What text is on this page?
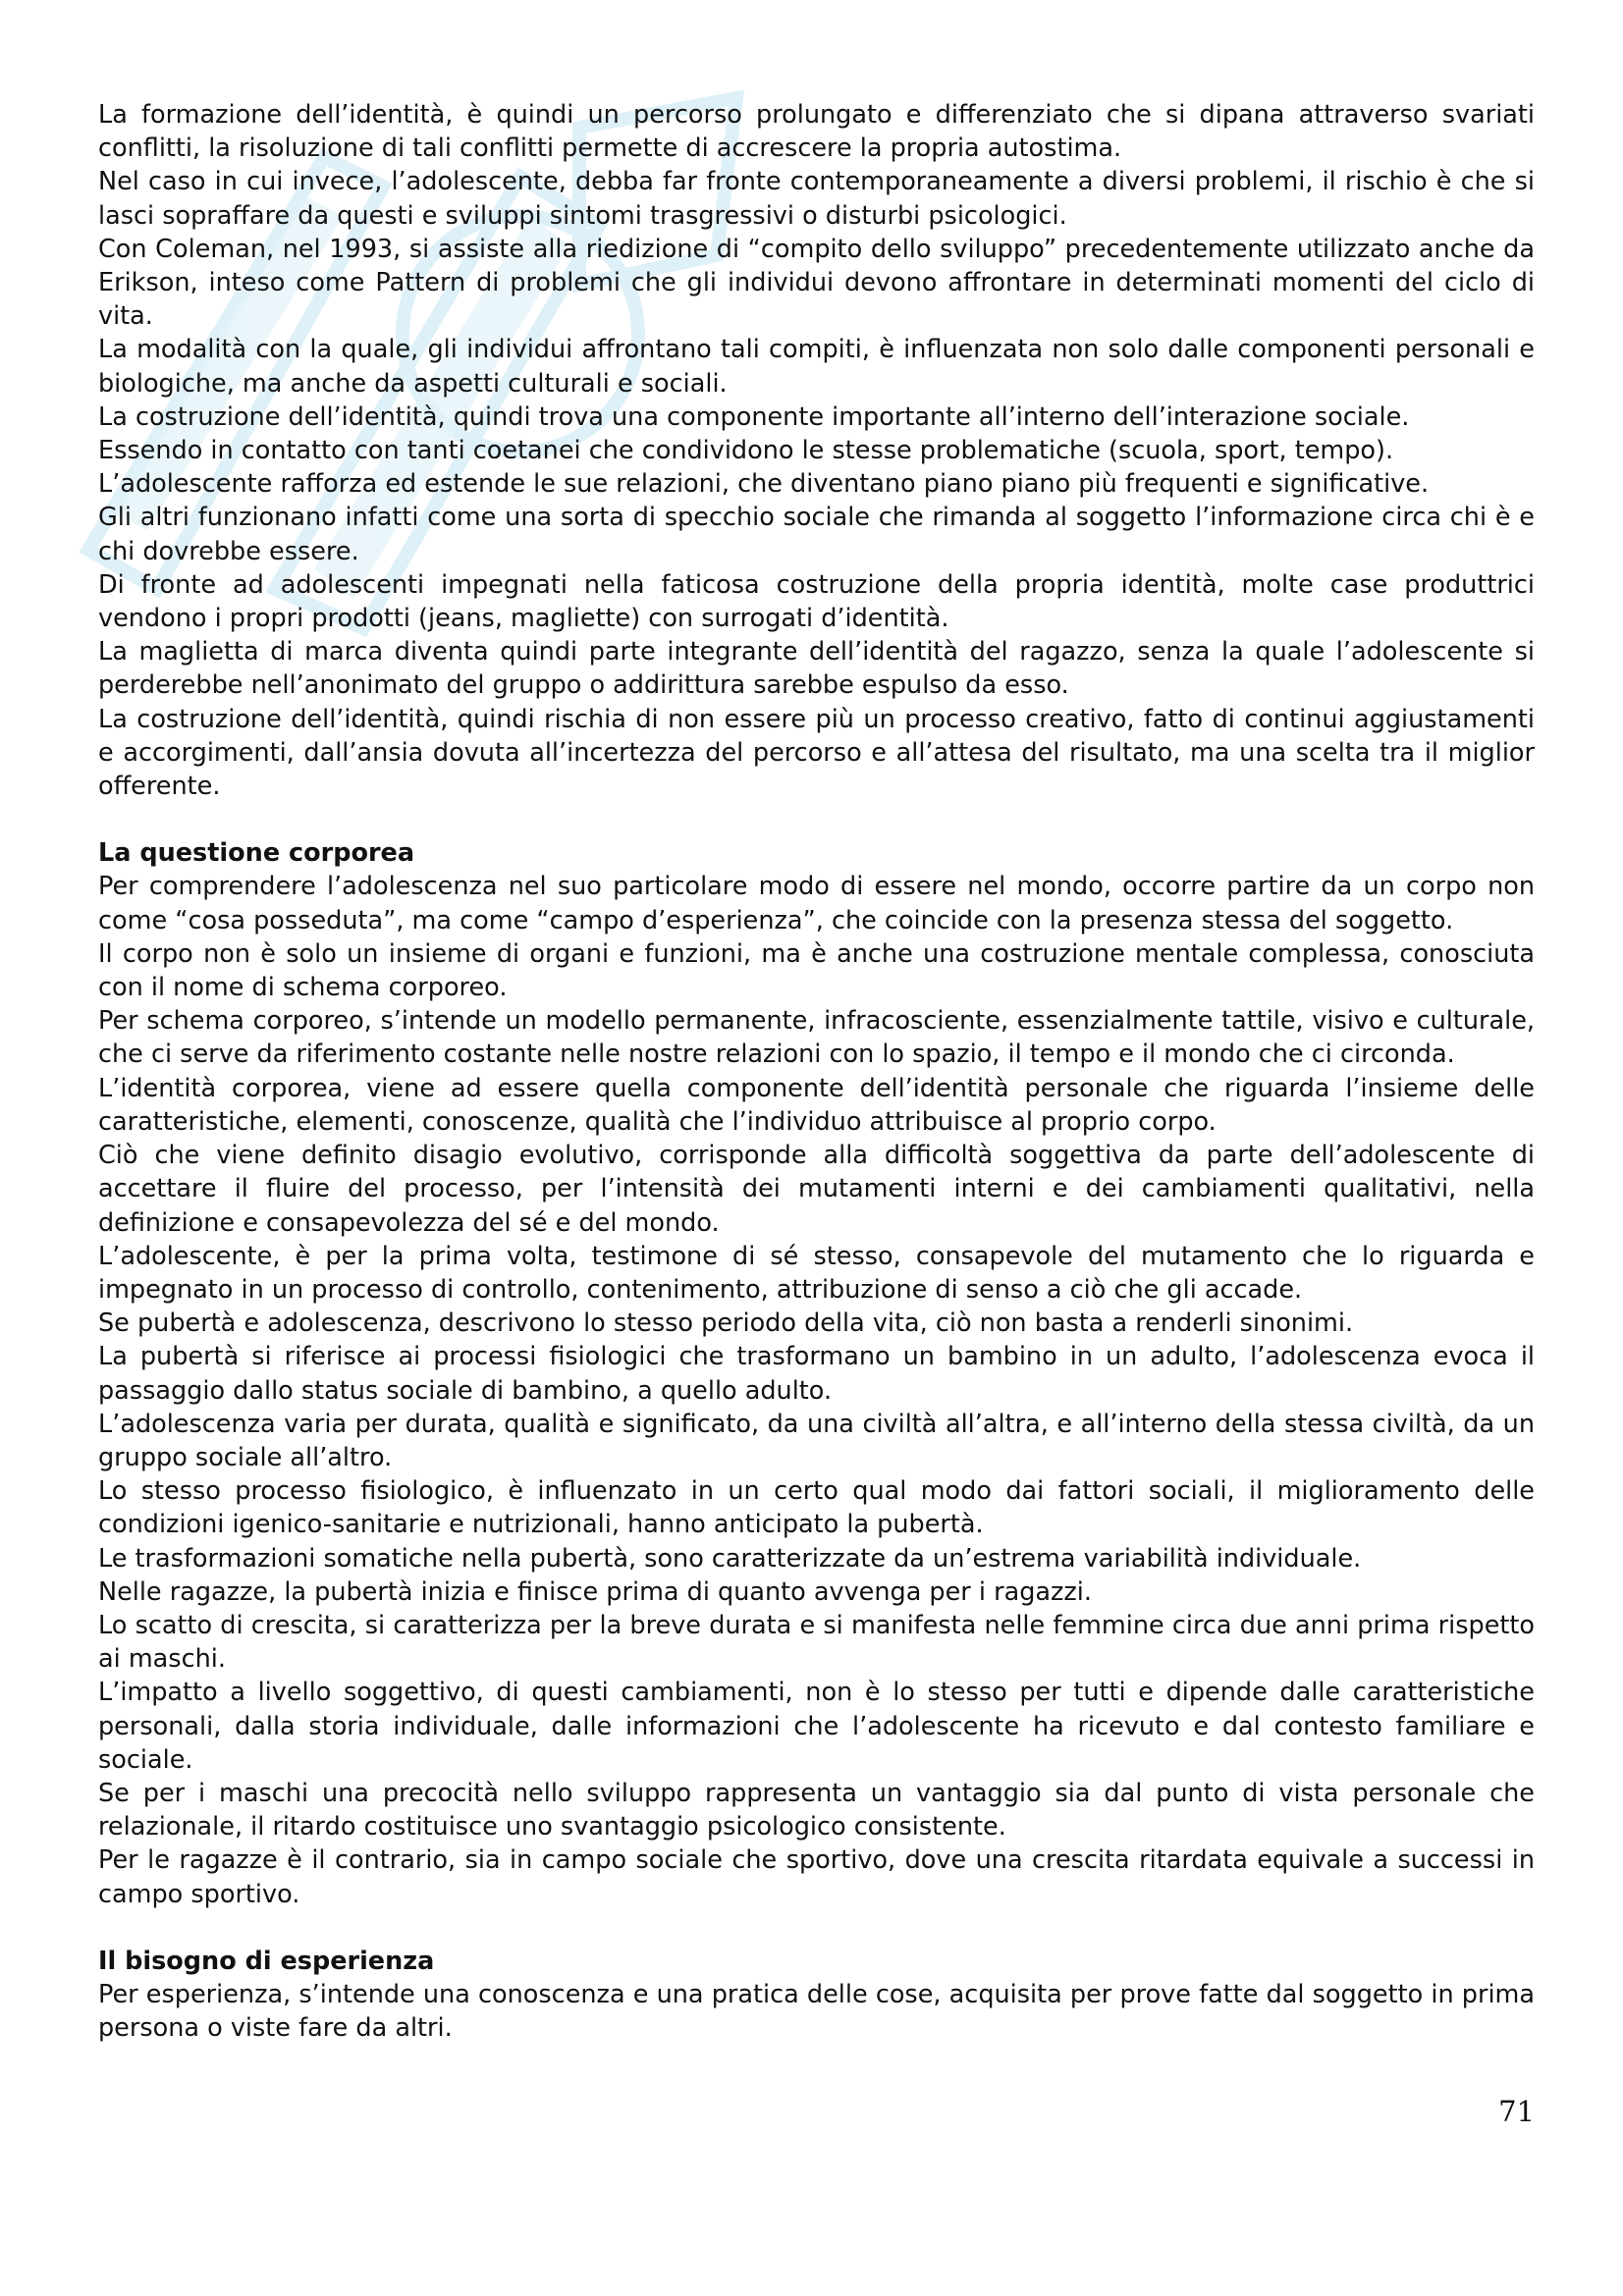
La formazione dell’identità, è quindi un percorso prolungato e differenziato che si dipana attraverso svariati conflitti, la risoluzione di tali conflitti permette di accrescere la propria autostima.

Nel caso in cui invece, l’adolescente, debba far fronte contemporaneamente a diversi problemi, il rischio è che si lasci sopraffare da questi e sviluppi sintomi trasgressivi o disturbi psicologici.

Con Coleman, nel 1993, si assiste alla riedizione di “compito dello sviluppo” precedentemente utilizzato anche da Erikson, inteso come Pattern di problemi che gli individui devono affrontare in determinati momenti del ciclo di vita.

La modalità con la quale, gli individui affrontano tali compiti, è influenzata non solo dalle componenti personali e biologiche, ma anche da aspetti culturali e sociali.

La costruzione dell’identità, quindi trova una componente importante all’interno dell’interazione sociale.

Essendo in contatto con tanti coetanei che condividono le stesse problematiche (scuola, sport, tempo).

L’adolescente rafforza ed estende le sue relazioni, che diventano piano piano più frequenti e significative.

Gli altri funzionano infatti come una sorta di specchio sociale che rimanda al soggetto l’informazione circa chi è e chi dovrebbe essere.

Di fronte ad adolescenti impegnati nella faticosa costruzione della propria identità, molte case produttrici vendono i propri prodotti (jeans, magliette) con surrogati d’identità.

La maglietta di marca diventa quindi parte integrante dell’identità del ragazzo, senza la quale l’adolescente si perderebbe nell’anonimato del gruppo o addirittura sarebbe espulso da esso.

La costruzione dell’identità, quindi rischia di non essere più un processo creativo, fatto di continui aggiustamenti e accorgimenti, dall’ansia dovuta all’incertezza del percorso e all’attesa del risultato, ma una scelta tra il miglior offerente.

La questione corporea

Per comprendere l’adolescenza nel suo particolare modo di essere nel mondo, occorre partire da un corpo non come “cosa posseduta”, ma come “campo d’esperienza”, che coincide con la presenza stessa del soggetto.

Il corpo non è solo un insieme di organi e funzioni, ma è anche una costruzione mentale complessa, conosciuta con il nome di schema corporeo.

Per schema corporeo, s’intende un modello permanente, infracosciente, essenzialmente tattile, visivo e culturale, che ci serve da riferimento costante nelle nostre relazioni con lo spazio, il tempo e il mondo che ci circonda.

L’identità corporea, viene ad essere quella componente dell’identità personale che riguarda l’insieme delle caratteristiche, elementi, conoscenze, qualità che l’individuo attribuisce al proprio corpo.

Ciò che viene definito disagio evolutivo, corrisponde alla difficoltà soggettiva da parte dell’adolescente di accettare il fluire del processo, per l’intensità dei mutamenti interni e dei cambiamenti qualitativi, nella definizione e consapevolezza del sé e del mondo.

L’adolescente, è per la prima volta, testimone di sé stesso, consapevole del mutamento che lo riguarda e impegnato in un processo di controllo, contenimento, attribuzione di senso a ciò che gli accade.

Se pubertà e adolescenza, descrivono lo stesso periodo della vita, ciò non basta a renderli sinonimi.

La pubertà si riferisce ai processi fisiologici che trasformano un bambino in un adulto, l’adolescenza evoca il passaggio dallo status sociale di bambino, a quello adulto.

L’adolescenza varia per durata, qualità e significato, da una civiltà all’altra, e all’interno della stessa civiltà, da un gruppo sociale all’altro.

Lo stesso processo fisiologico, è influenzato in un certo qual modo dai fattori sociali, il miglioramento delle condizioni igenico-sanitarie e nutrizionali, hanno anticipato la pubertà.

Le trasformazioni somatiche nella pubertà, sono caratterizzate da un’estrema variabilità individuale.

Nelle ragazze, la pubertà inizia e finisce prima di quanto avvenga per i ragazzi.

Lo scatto di crescita, si caratterizza per la breve durata e si manifesta nelle femmine circa due anni prima rispetto ai maschi.

L’impatto a livello soggettivo, di questi cambiamenti, non è lo stesso per tutti e dipende dalle caratteristiche personali, dalla storia individuale, dalle informazioni che l’adolescente ha ricevuto e dal contesto familiare e sociale.

Se per i maschi una precocità nello sviluppo rappresenta un vantaggio sia dal punto di vista personale che relazionale, il ritardo costituisce uno svantaggio psicologico consistente.

Per le ragazze è il contrario, sia in campo sociale che sportivo, dove una crescita ritardata equivale a successi in campo sportivo.

Il bisogno di esperienza

Per esperienza, s’intende una conoscenza e una pratica delle cose, acquisita per prove fatte dal soggetto in prima persona o viste fare da altri.

71
